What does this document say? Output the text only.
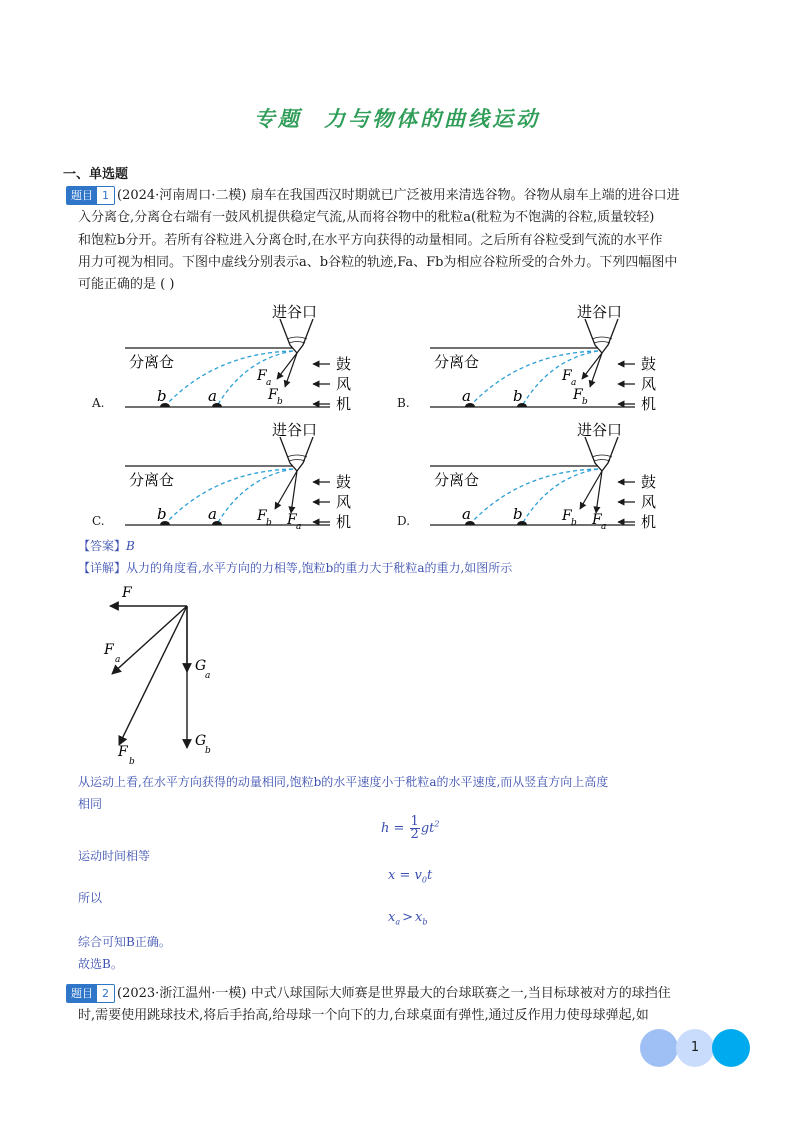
专题 力与物体的曲线运动
一、单选题
题目 1 (2024·河南周口·二模) 扇车在我国西汉时期就已广泛被用来清选谷物。谷物从扇车上端的进谷口进
入分离仓,分离仓右端有一鼓风机提供稳定气流,从而将谷物中的秕粒a(秕粒为不饱满的谷粒,质量较轻)
和饱粒b分开。若所有谷粒进入分离仓时,在水平方向获得的动量相同。之后所有谷粒受到气流的水平作
用力可视为相同。下图中虚线分别表示a、b谷粒的轨迹,Fa、Fb为相应谷粒所受的合外力。下列四幅图中
可能正确的是 ( )
进谷口
分离仓	鼓
风
机
b	a
F a
F b
进谷口
分离仓	鼓
风
机
a	b
F a
F b
进谷口
分离仓	鼓
风
机
b	a	F a
F b
进谷口
分离仓	鼓
风
机
a	b	F a
F b
A.	B.
C.	D.
【答案】B
【详解】从力的角度看,水平方向的力相等,饱粒b的重力大于秕粒a的重力,如图所示
F
F
a	G
a
F
b
G
b
从运动上看,在水平方向获得的动量相同,饱粒b的水平速度小于秕粒a的水平速度,而从竖直方向上高度
相同
$h = \frac{1}{2} gt^2$
运动时间相等
$x = v_0t$
所以
$x_a > x_b$
综合可知B正确。
故选B。
题目 2 (2023·浙江温州·一模) 中式八球国际大师赛是世界最大的台球联赛之一,当目标球被对方的球挡住
时,需要使用跳球技术,将后手抬高,给母球一个向下的力,台球桌面有弹性,通过反作用力使母球弹起,如
1
